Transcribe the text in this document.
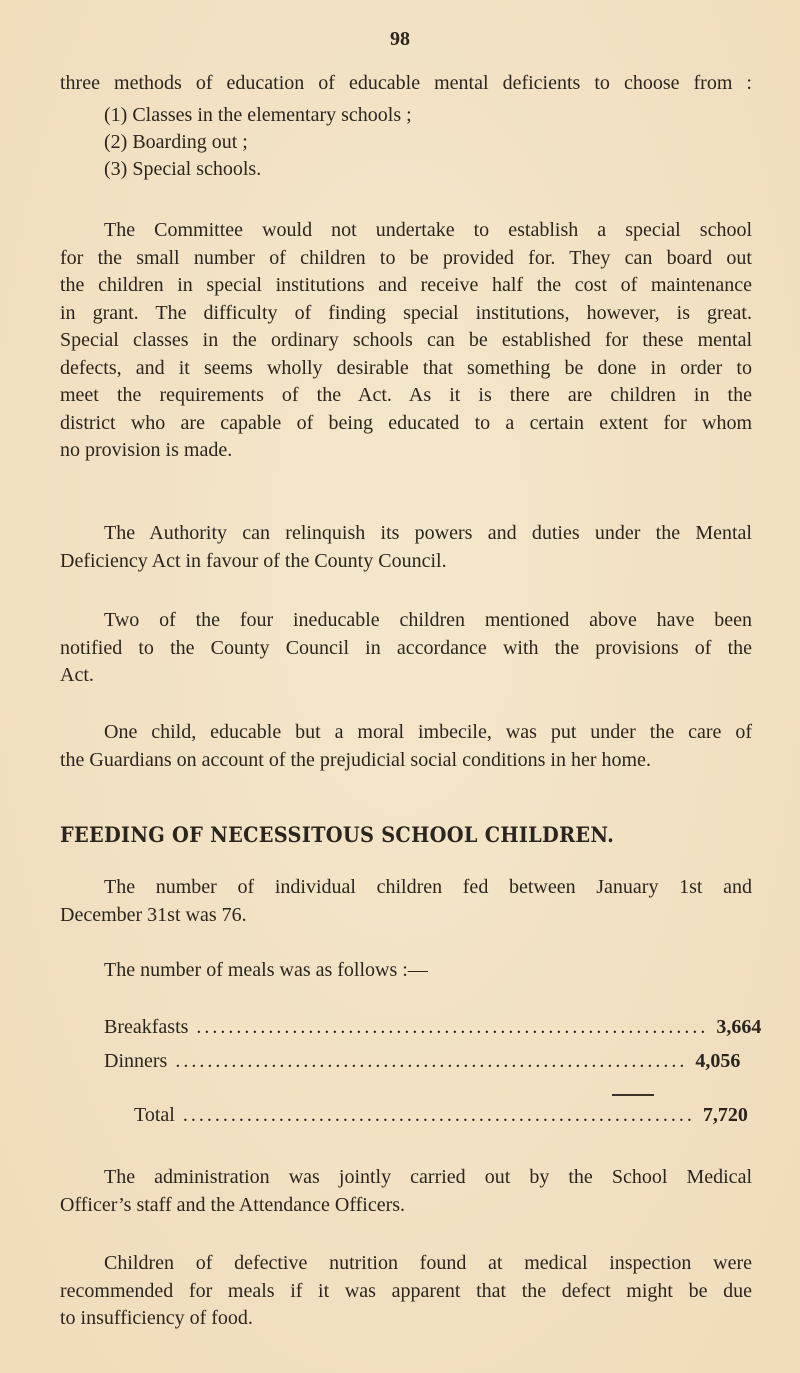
98
three methods of education of educable mental deficients to choose from :
(1) Classes in the elementary schools ;
(2) Boarding out ;
(3) Special schools.
The Committee would not undertake to establish a special school
for the small number of children to be provided for. They can board out
the children in special institutions and receive half the cost of maintenance
in grant. The difficulty of finding special institutions, however, is great.
Special classes in the ordinary schools can be established for these mental
defects, and it seems wholly desirable that something be done in order to
meet the requirements of the Act. As it is there are children in the
district who are capable of being educated to a certain extent for whom
no provision is made.
The Authority can relinquish its powers and duties under the Mental
Deficiency Act in favour of the County Council.
Two of the four ineducable children mentioned above have been
notified to the County Council in accordance with the provisions of the
Act.
One child, educable but a moral imbecile, was put under the care of
the Guardians on account of the prejudicial social conditions in her home.
FEEDING OF NECESSITOUS SCHOOL CHILDREN.
The number of individual children fed between January 1st and
December 31st was 76.
The number of meals was as follows :—
Breakfasts ................................................................ 3,664
Dinners ................................................................ 4,056
Total ................................................................ 7,720
The administration was jointly carried out by the School Medical
Officer’s staff and the Attendance Officers.
Children of defective nutrition found at medical inspection were
recommended for meals if it was apparent that the defect might be due
to insufficiency of food.
